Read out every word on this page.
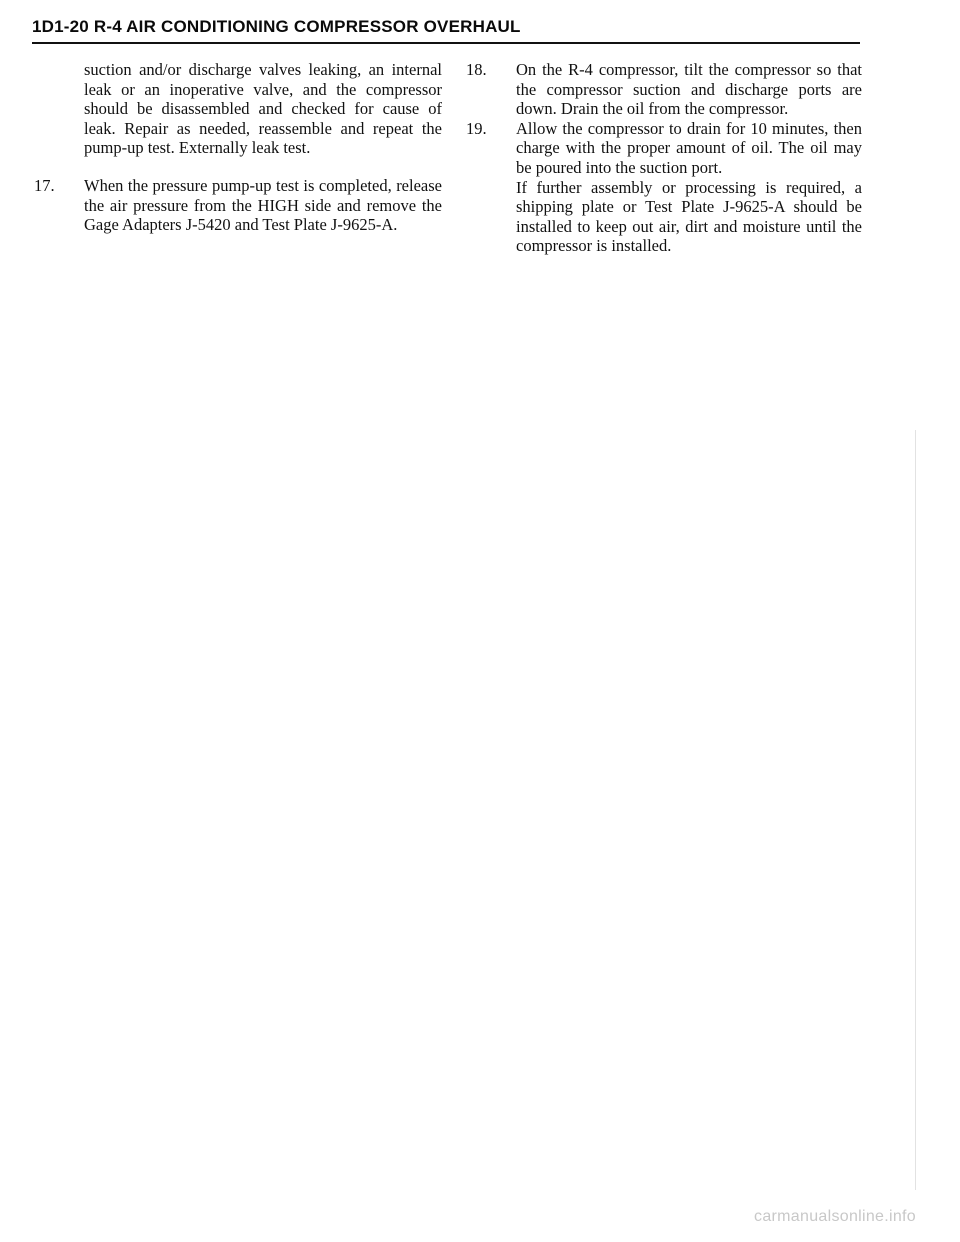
1D1-20 R-4 AIR CONDITIONING COMPRESSOR OVERHAUL

suction and/or discharge valves leaking, an internal leak or an inoperative valve, and the compressor should be disassembled and checked for cause of leak. Repair as needed, reassemble and repeat the pump-up test. Externally leak test.

17. When the pressure pump-up test is completed, release the air pressure from the HIGH side and remove the Gage Adapters J-5420 and Test Plate J-9625-A.

18. On the R-4 compressor, tilt the compressor so that the compressor suction and discharge ports are down. Drain the oil from the compressor.

19. Allow the compressor to drain for 10 minutes, then charge with the proper amount of oil. The oil may be poured into the suction port.

If further assembly or processing is required, a shipping plate or Test Plate J-9625-A should be installed to keep out air, dirt and moisture until the compressor is installed.

carmanualsonline.info
